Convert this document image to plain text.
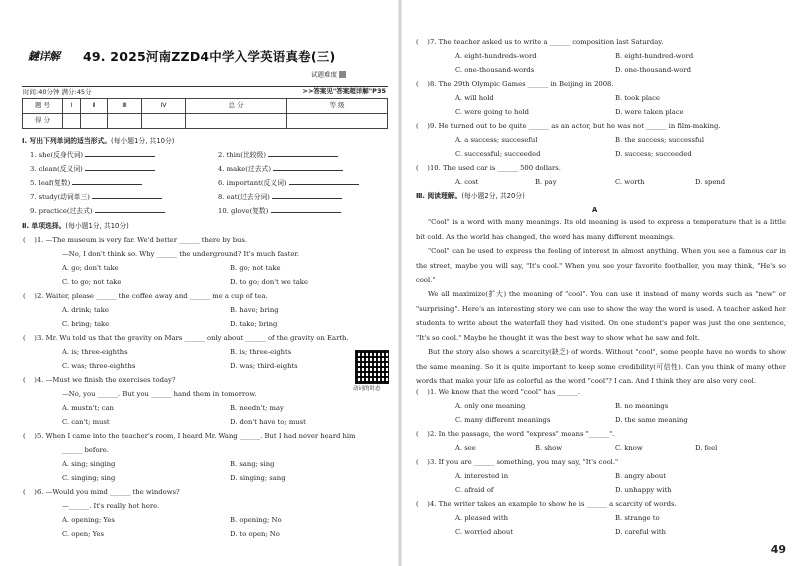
鏈详解 49. 2025河南ZZD4中学入学英语真卷(三)
试题难度
时间:40分钟 满分:45分	>>答案见"答案超详解"P35
题 号	Ⅰ	Ⅱ	Ⅲ	Ⅳ	总 分	等 级
得 分						
Ⅰ. 写出下列单词的适当形式。(每小题1分, 共10分)
1. she(反身代词)	2. thin(比较级)
3. clean(反义词)	4. make(过去式)
5. leaf(复数)	6. important(反义词)
7. study(动词单三)	8. eat(过去分词)
9. practice(过去式)	10. glove(复数)
Ⅱ. 单项选择。(每小题1分, 共10分)
(    )1. —The museum is very far. We'd better ______ there by bus.
—No, I don't think so. Why ______ the underground? It's much faster.
A. go; don't take	B. go; not take
C. to go; not take	D. to go; don't we take
(    )2. Waiter, please ______ the coffee away and ______ me a cup of tea.
A. drink; take	B. have; bring
C. bring; take	D. take; bring
(    )3. Mr. Wu told us that the gravity on Mars ______ only about ______ of the gravity on Earth.
A. is; three-eighths	B. is; three-eights
C. was; three-eighths	D. was; third-eights
动词的时态
(    )4. —Must we finish the exercises today?
—No, you ______. But you ______ hand them in tomorrow.
A. mustn't; can	B. needn't; may
C. can't; must	D. don't have to; must
(    )5. When I came into the teacher's room, I heard Mr. Wang ______. But I had never heard him
______ before.
A. sing; singing	B. sang; sing
C. singing; sing	D. singing; sang
(    )6. —Would you mind ______ the windows?
—______. It's really hot here.
A. opening; Yes	B. opening; No
C. open; Yes	D. to open; No
(    )7. The teacher asked us to write a ______ composition last Saturday.
A. eight-hundreds-word	B. eight-hundred-word
C. one-thousand-words	D. one-thousand-word
(    )8. The 29th Olympic Games ______ in Beijing in 2008.
A. will hold	B. took place
C. were going to hold	D. were taken place
(    )9. He turned out to be quite ______ as an actor, but he was not ______ in film-making.
A. a success; succeseful	B. the success; successful
C. successful; succeeded	D. success; succeeded
(    )10. The used car is ______ 500 dollars.
A. cost	B. pay	C. worth	D. spend
Ⅲ. 阅读理解。(每小题2分, 共20分)
A
"Cool" is a word with many meanings. Its old meaning is used to express a temperature that is a little bit cold. As the world has changed, the word has many different meanings.
"Cool" can be used to express the feeling of interest in almost anything. When you see a famous car in the street, maybe you will say, "It's cool." When you see your favorite footballer, you may think, "He's so cool."
We all maximize(扩大) the meaning of "cool". You can use it instead of many words such as "new" or "surprising". Here's an interesting story we can use to show the way the word is used. A teacher asked her students to write about the waterfall they had visited. On one student's paper was just the one sentence, "It's so cool." Maybe he thought it was the best way to show what he saw and felt.
But the story also shows a scarcity(缺乏) of words. Without "cool", some people have no words to show the same meaning. So it is quite important to keep some credibility(可信性). Can you think of many other words that make your life as colorful as the word "cool"? I can. And I think they are also very cool.
(    )1. We know that the word "cool" has ______.
A. only one meaning	B. no meanings
C. many different meanings	D. the same meaning
(    )2. In the passage, the word "express" means "______".
A. see	B. show	C. know	D. feel
(    )3. If you are ______ something, you may say, "It's cool."
A. interested in	B. angry about
C. afraid of	D. unhappy with
(    )4. The writer takes an example to show he is ______ a scarcity of words.
A. pleased with	B. strange to
C. worried about	D. careful with
49
